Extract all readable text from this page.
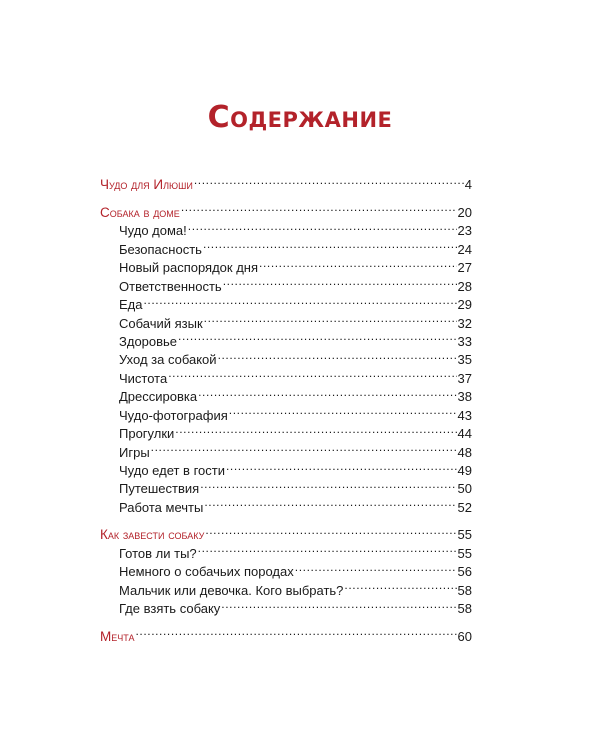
Содержание
Чудо для Илюши .....	4
Собака в доме .....	20
Чудо дома! .....	23
Безопасность .....	24
Новый распорядок дня .....	27
Ответственность .....	28
Еда .....	29
Собачий язык .....	32
Здоровье .....	33
Уход за собакой .....	35
Чистота .....	37
Дрессировка .....	38
Чудо-фотография .....	43
Прогулки .....	44
Игры .....	48
Чудо едет в гости .....	49
Путешествия .....	50
Работа мечты .....	52
Как завести собаку .....	55
Готов ли ты? .....	55
Немного о собачьих породах .....	56
Мальчик или девочка. Кого выбрать? .....	58
Где взять собаку .....	58
Мечта .....	60
